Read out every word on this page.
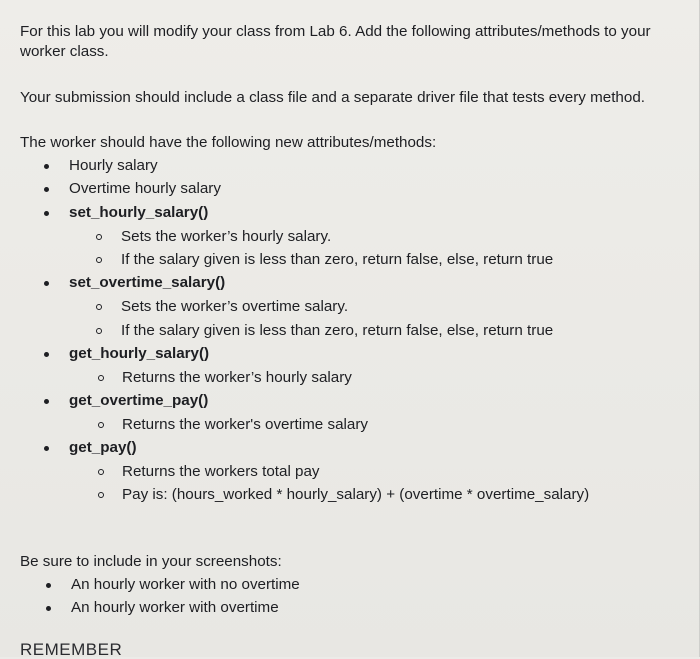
For this lab you will modify your class from Lab 6. Add the following attributes/methods to your
worker class.
Your submission should include a class file and a separate driver file that tests every method.
The worker should have the following new attributes/methods:
Hourly salary
Overtime hourly salary
set_hourly_salary()
Sets the worker’s hourly salary.
If the salary given is less than zero, return false, else, return true
set_overtime_salary()
Sets the worker’s overtime salary.
If the salary given is less than zero, return false, else, return true
get_hourly_salary()
Returns the worker’s hourly salary
get_overtime_pay()
Returns the worker's overtime salary
get_pay()
Returns the workers total pay
Pay is: (hours_worked * hourly_salary) + (overtime * overtime_salary)
Be sure to include in your screenshots:
An hourly worker with no overtime
An hourly worker with overtime
REMEMBER
